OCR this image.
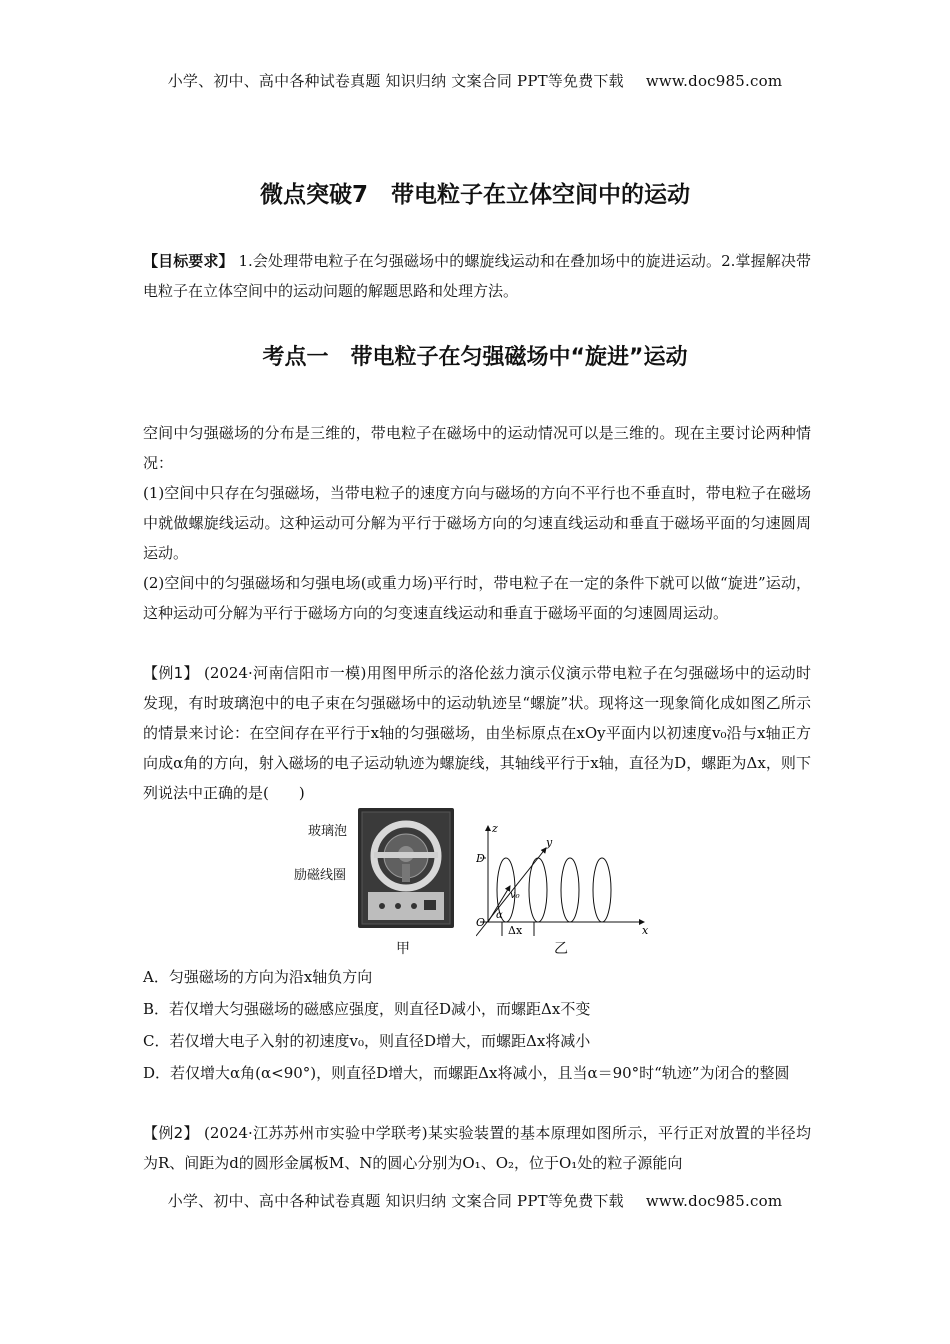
小学、初中、高中各种试卷真题 知识归纳 文案合同 PPT等免费下载 www.doc985.com
微点突破7　带电粒子在立体空间中的运动

【目标要求】 1.会处理带电粒子在匀强磁场中的螺旋线运动和在叠加场中的旋进运动。2.掌握解决带电粒子在立体空间中的运动问题的解题思路和处理方法。

考点一　带电粒子在匀强磁场中“旋进”运动

空间中匀强磁场的分布是三维的，带电粒子在磁场中的运动情况可以是三维的。现在主要讨论两种情况：

(1)空间中只存在匀强磁场，当带电粒子的速度方向与磁场的方向不平行也不垂直时，带电粒子在磁场中就做螺旋线运动。这种运动可分解为平行于磁场方向的匀速直线运动和垂直于磁场平面的匀速圆周运动。

(2)空间中的匀强磁场和匀强电场(或重力场)平行时，带电粒子在一定的条件下就可以做“旋进”运动，这种运动可分解为平行于磁场方向的匀变速直线运动和垂直于磁场平面的匀速圆周运动。

【例1】 (2024·河南信阳市一模)用图甲所示的洛伦兹力演示仪演示带电粒子在匀强磁场中的运动时发现，有时玻璃泡中的电子束在匀强磁场中的运动轨迹呈“螺旋”状。现将这一现象简化成如图乙所示的情景来讨论：在空间存在平行于x轴的匀强磁场，由坐标原点在xOy平面内以初速度v₀沿与x轴正方向成α角的方向，射入磁场的电子运动轨迹为螺旋线，其轴线平行于x轴，直径为D，螺距为Δx，则下列说法中正确的是(　　)

玻璃泡
励磁线圈
z
y
x
O
D
v₀
α
Δx
甲	乙

A．匀强磁场的方向为沿x轴负方向

B．若仅增大匀强磁场的磁感应强度，则直径D减小，而螺距Δx不变

C．若仅增大电子入射的初速度v₀，则直径D增大，而螺距Δx将减小

D．若仅增大α角(α<90°)，则直径D增大，而螺距Δx将减小，且当α＝90°时“轨迹”为闭合的整圆

【例2】 (2024·江苏苏州市实验中学联考)某实验装置的基本原理如图所示，平行正对放置的半径均为R、间距为d的圆形金属板M、N的圆心分别为O₁、O₂，位于O₁处的粒子源能向

小学、初中、高中各种试卷真题 知识归纳 文案合同 PPT等免费下载 www.doc985.com
